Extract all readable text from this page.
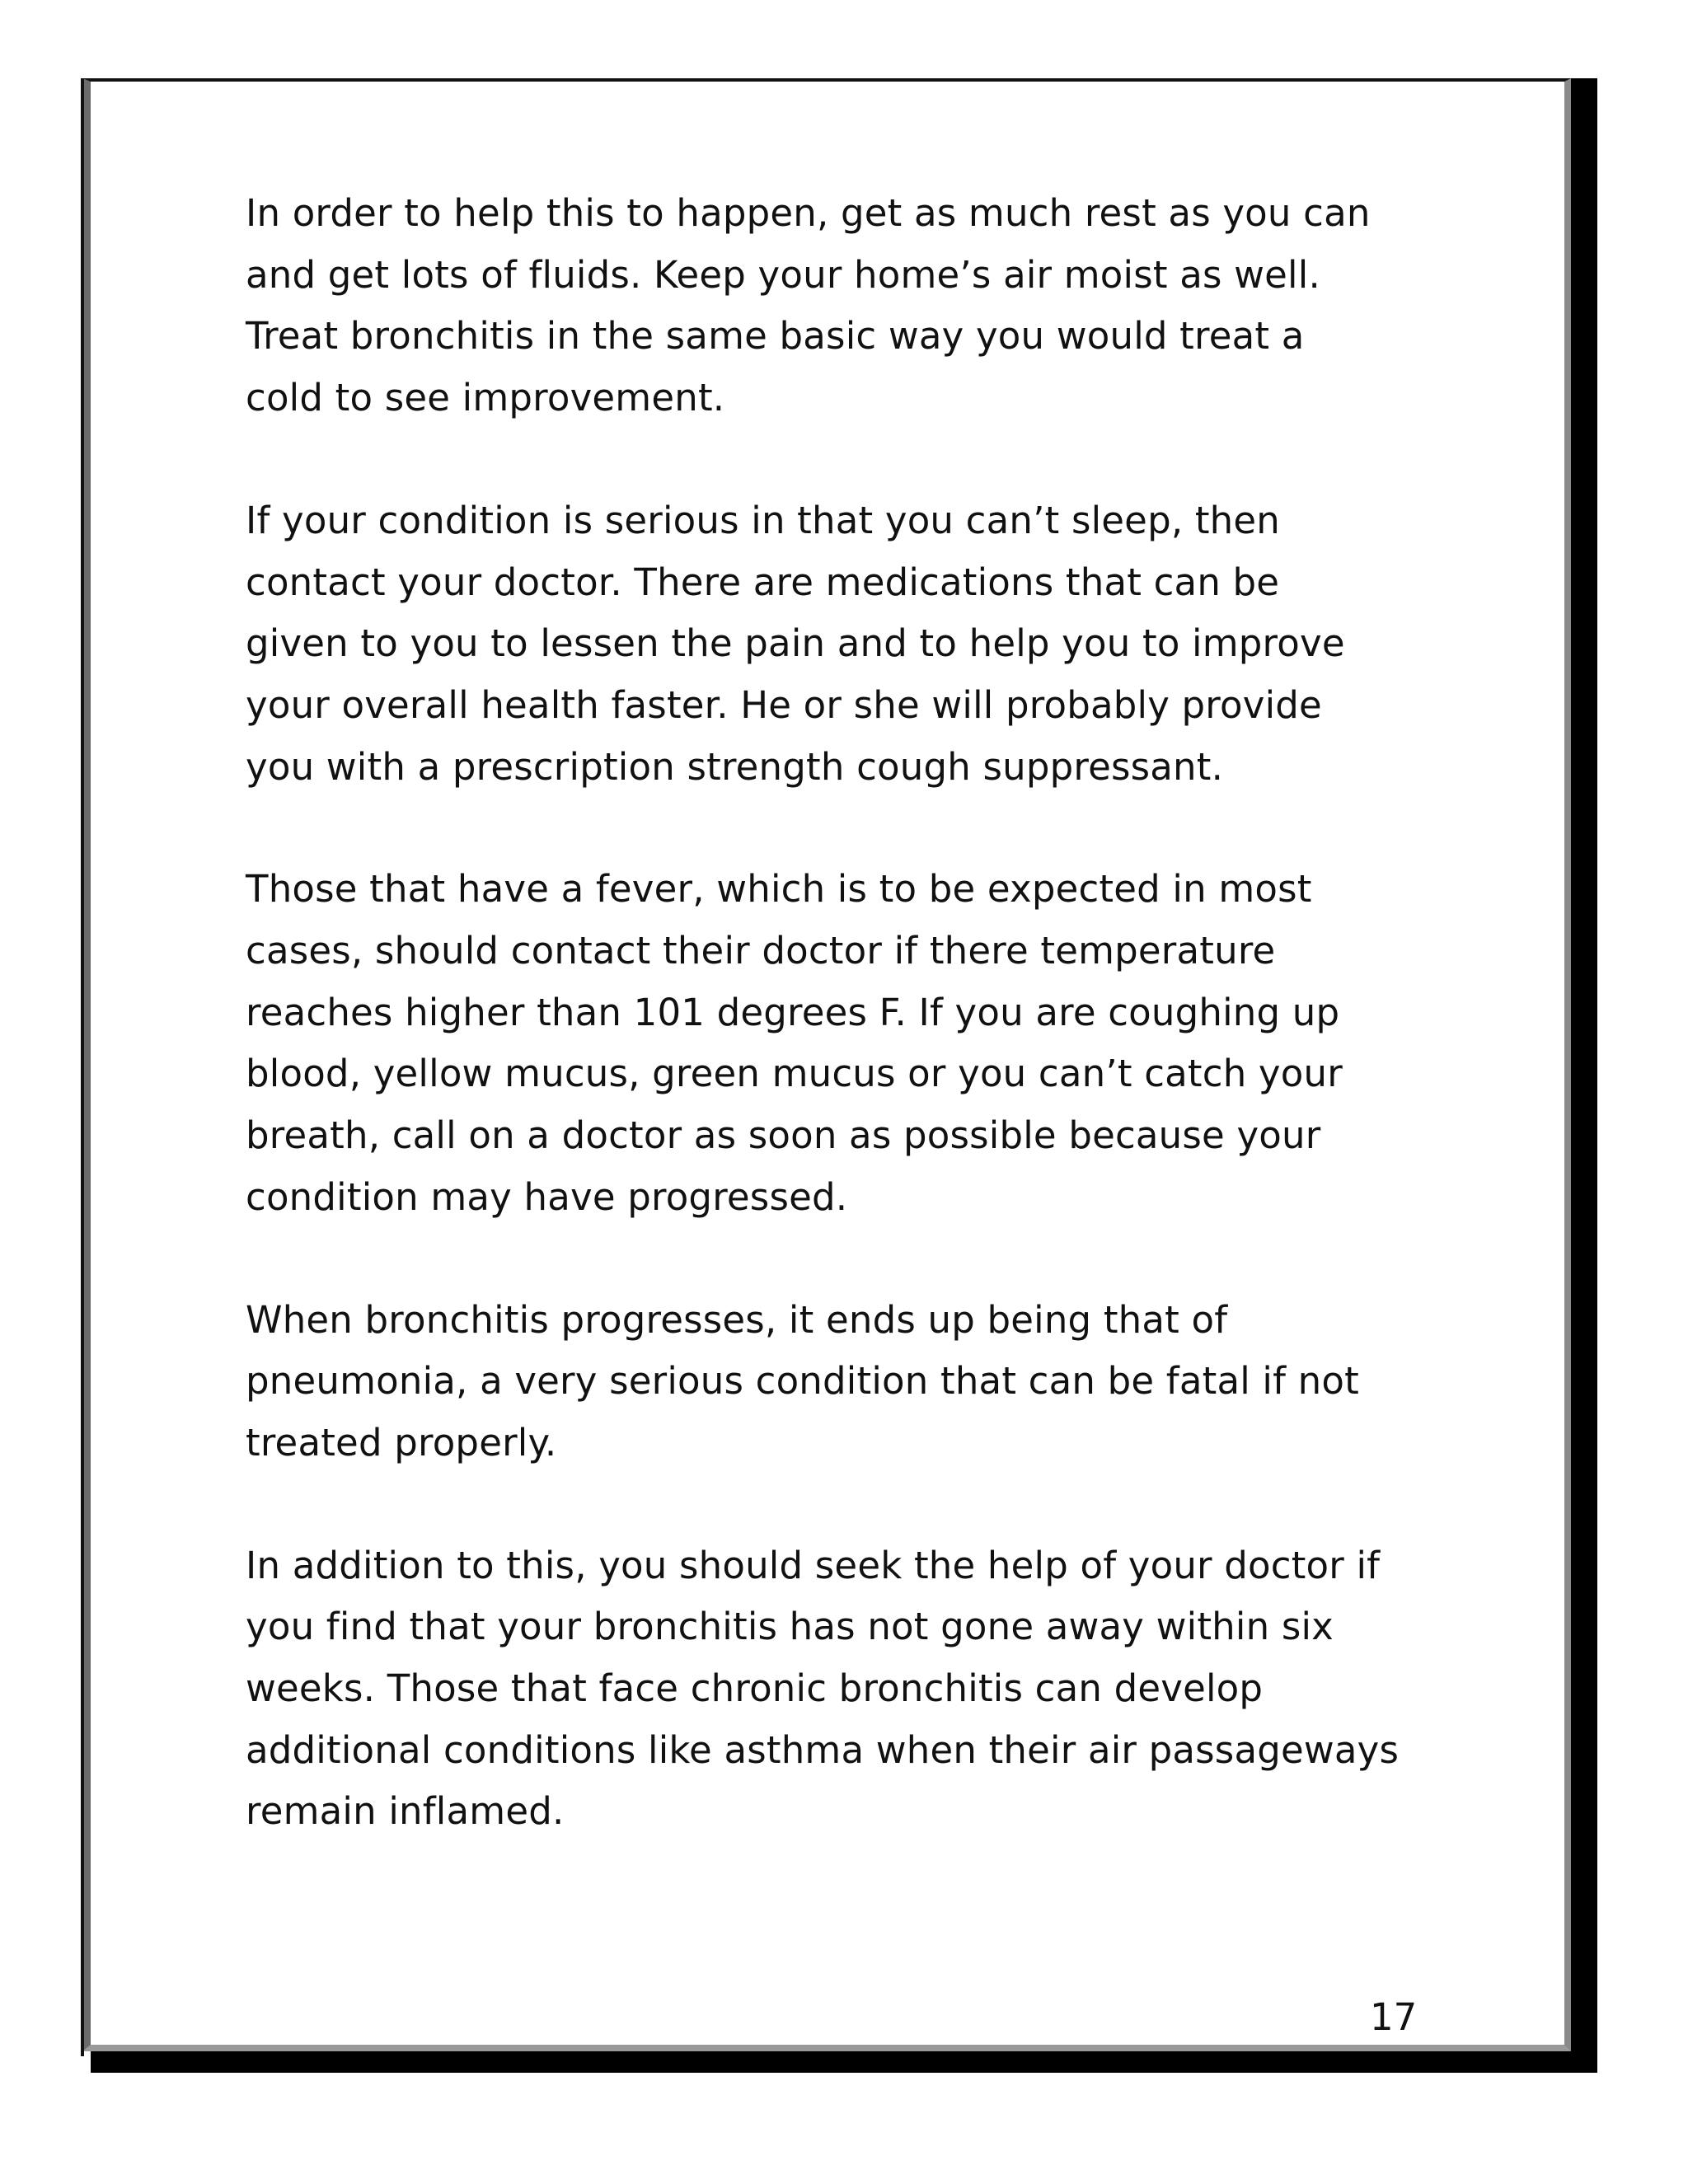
In order to help this to happen, get as much rest as you can
and get lots of fluids. Keep your home’s air moist as well.
Treat bronchitis in the same basic way you would treat a
cold to see improvement.

If your condition is serious in that you can’t sleep, then
contact your doctor. There are medications that can be
given to you to lessen the pain and to help you to improve
your overall health faster. He or she will probably provide
you with a prescription strength cough suppressant.

Those that have a fever, which is to be expected in most
cases, should contact their doctor if there temperature
reaches higher than 101 degrees F. If you are coughing up
blood, yellow mucus, green mucus or you can’t catch your
breath, call on a doctor as soon as possible because your
condition may have progressed.

When bronchitis progresses, it ends up being that of
pneumonia, a very serious condition that can be fatal if not
treated properly.

In addition to this, you should seek the help of your doctor if
you find that your bronchitis has not gone away within six
weeks. Those that face chronic bronchitis can develop
additional conditions like asthma when their air passageways
remain inflamed.

17
